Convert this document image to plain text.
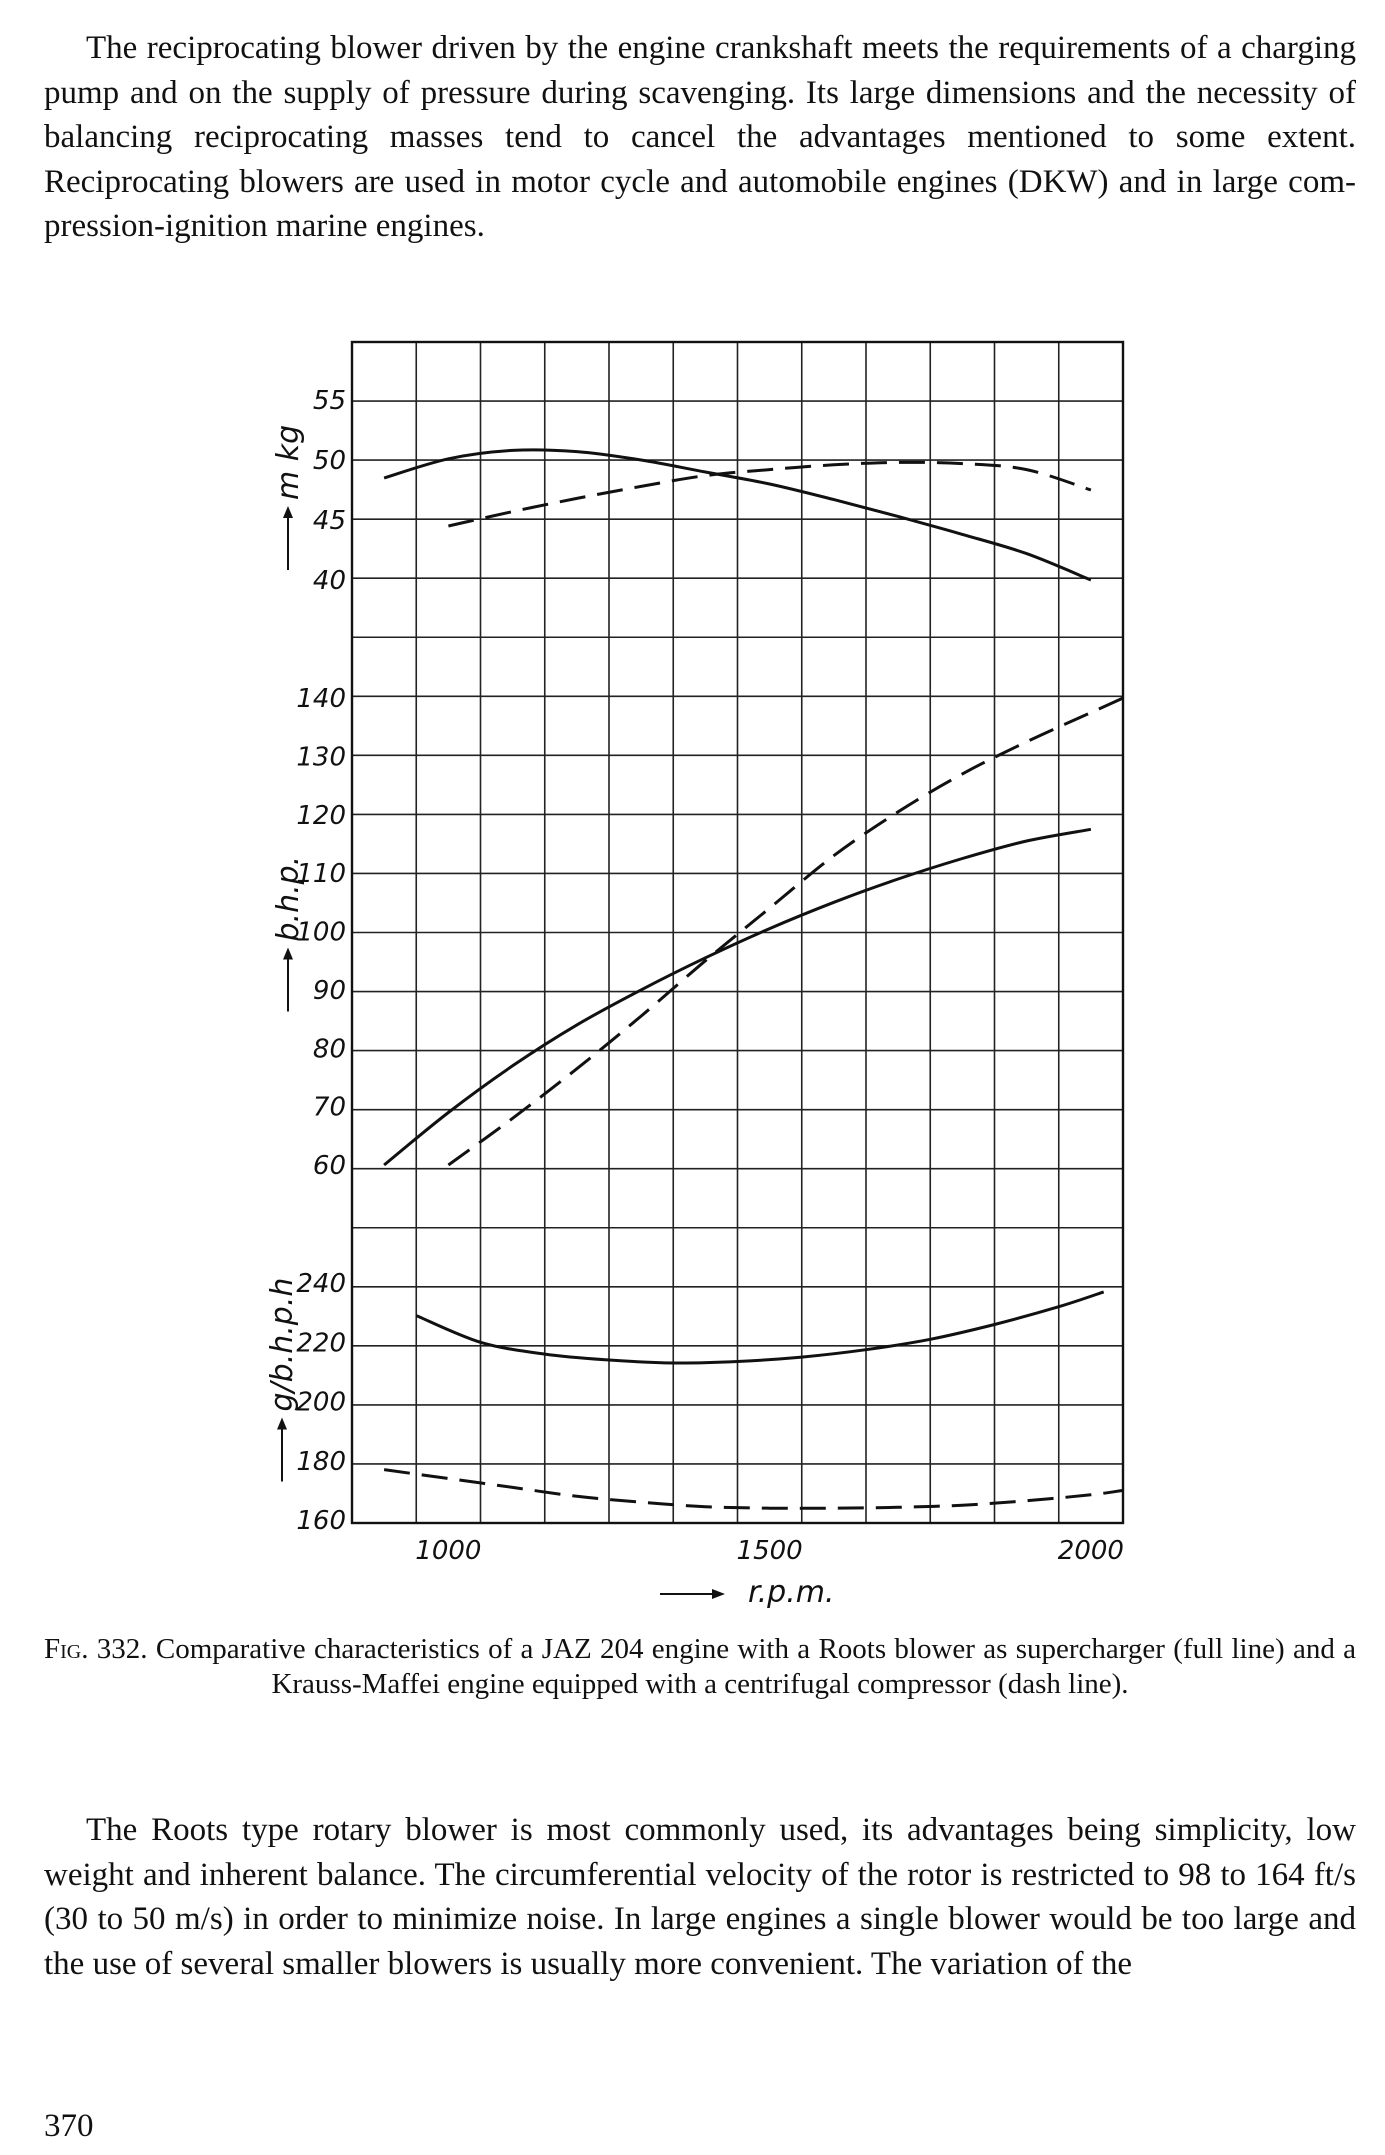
The reciprocating blower driven by the engine crankshaft meets the requirements of a charging pump and on the supply of pressure during scavenging. Its large dimensions and the necessity of balancing reciprocating masses tend to cancel the advantages mentioned to some extent. Reciprocating blowers are used in motor cycle and automobile engines (DKW) and in large compression-ignition marine engines.

40
45
50
55
m kg
60
70
80
90
100
110
120
130
140
b.h.p.
160
180
200
220
240
g/b.h.p.h
1000	1500	2000
r.p.m.

Fig. 332. Comparative characteristics of a JAZ 204 engine with a Roots blower as supercharger (full line) and a Krauss-Maffei engine equipped with a centrifugal compressor (dash line).

The Roots type rotary blower is most commonly used, its advantages being simplicity, low weight and inherent balance. The circumferential velocity of the rotor is restricted to 98 to 164 ft/s (30 to 50 m/s) in order to minimize noise. In large engines a single blower would be too large and the use of several smaller blowers is usually more convenient. The variation of the

370
